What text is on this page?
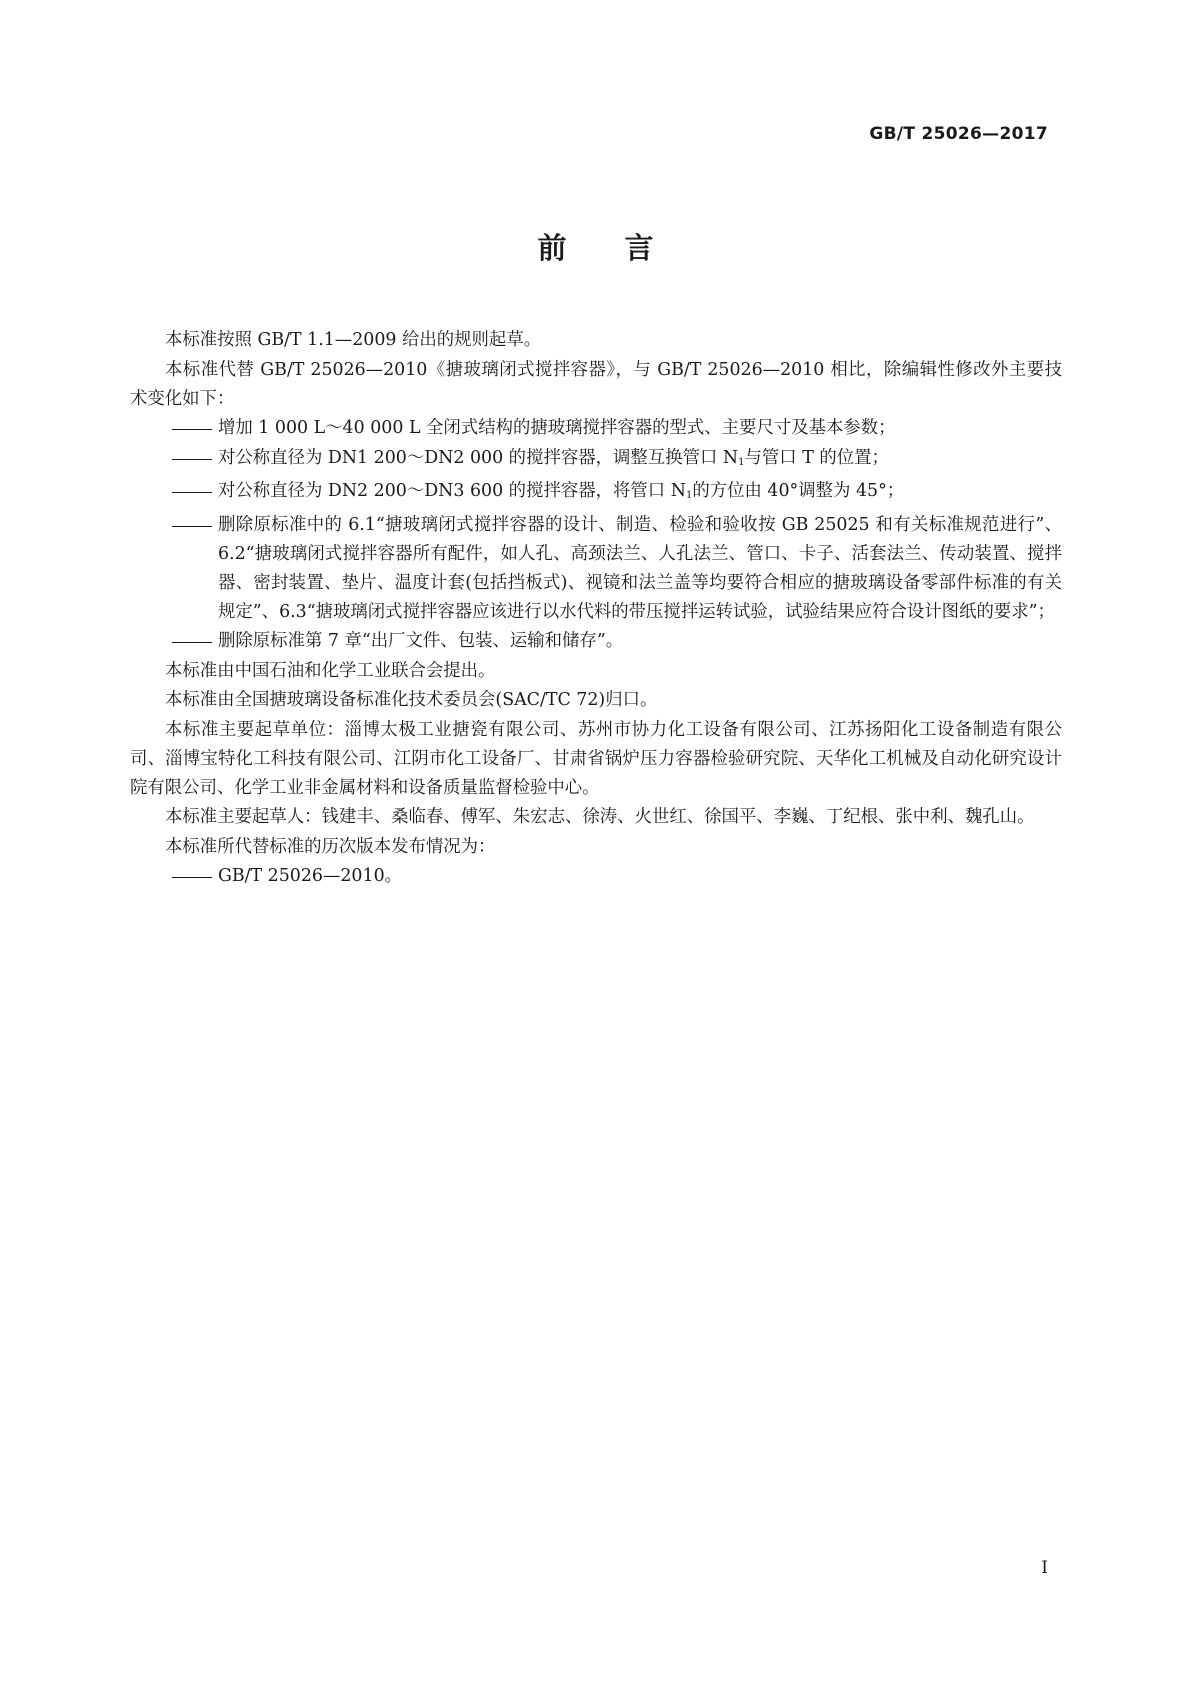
GB/T 25026—2017
前 言

本标准按照 GB/T 1.1—2009 给出的规则起草。

本标准代替 GB/T 25026—2010《搪玻璃闭式搅拌容器》，与 GB/T 25026—2010 相比，除编辑性修改外主要技术变化如下：

增加 1 000 L～40 000 L 全闭式结构的搪玻璃搅拌容器的型式、主要尺寸及基本参数；
对公称直径为 DN1 200～DN2 000 的搅拌容器，调整互换管口 $N_1$与管口 T 的位置；
对公称直径为 DN2 200～DN3 600 的搅拌容器，将管口 $N_1$的方位由 40°调整为 45°；
删除原标准中的 6.1“搪玻璃闭式搅拌容器的设计、制造、检验和验收按 GB 25025 和有关标准规范进行”、6.2“搪玻璃闭式搅拌容器所有配件，如人孔、高颈法兰、人孔法兰、管口、卡子、活套法兰、传动装置、搅拌器、密封装置、垫片、温度计套(包括挡板式)、视镜和法兰盖等均要符合相应的搪玻璃设备零部件标准的有关规定”、6.3“搪玻璃闭式搅拌容器应该进行以水代料的带压搅拌运转试验，试验结果应符合设计图纸的要求”；
删除原标准第 7 章“出厂文件、包装、运输和储存”。

本标准由中国石油和化学工业联合会提出。

本标准由全国搪玻璃设备标准化技术委员会(SAC/TC 72)归口。

本标准主要起草单位：淄博太极工业搪瓷有限公司、苏州市协力化工设备有限公司、江苏扬阳化工设备制造有限公司、淄博宝特化工科技有限公司、江阴市化工设备厂、甘肃省锅炉压力容器检验研究院、天华化工机械及自动化研究设计院有限公司、化学工业非金属材料和设备质量监督检验中心。

本标准主要起草人：钱建丰、桑临春、傅军、朱宏志、徐涛、火世红、徐国平、李巍、丁纪根、张中利、魏孔山。

本标准所代替标准的历次版本发布情况为：

GB/T 25026—2010。
I
